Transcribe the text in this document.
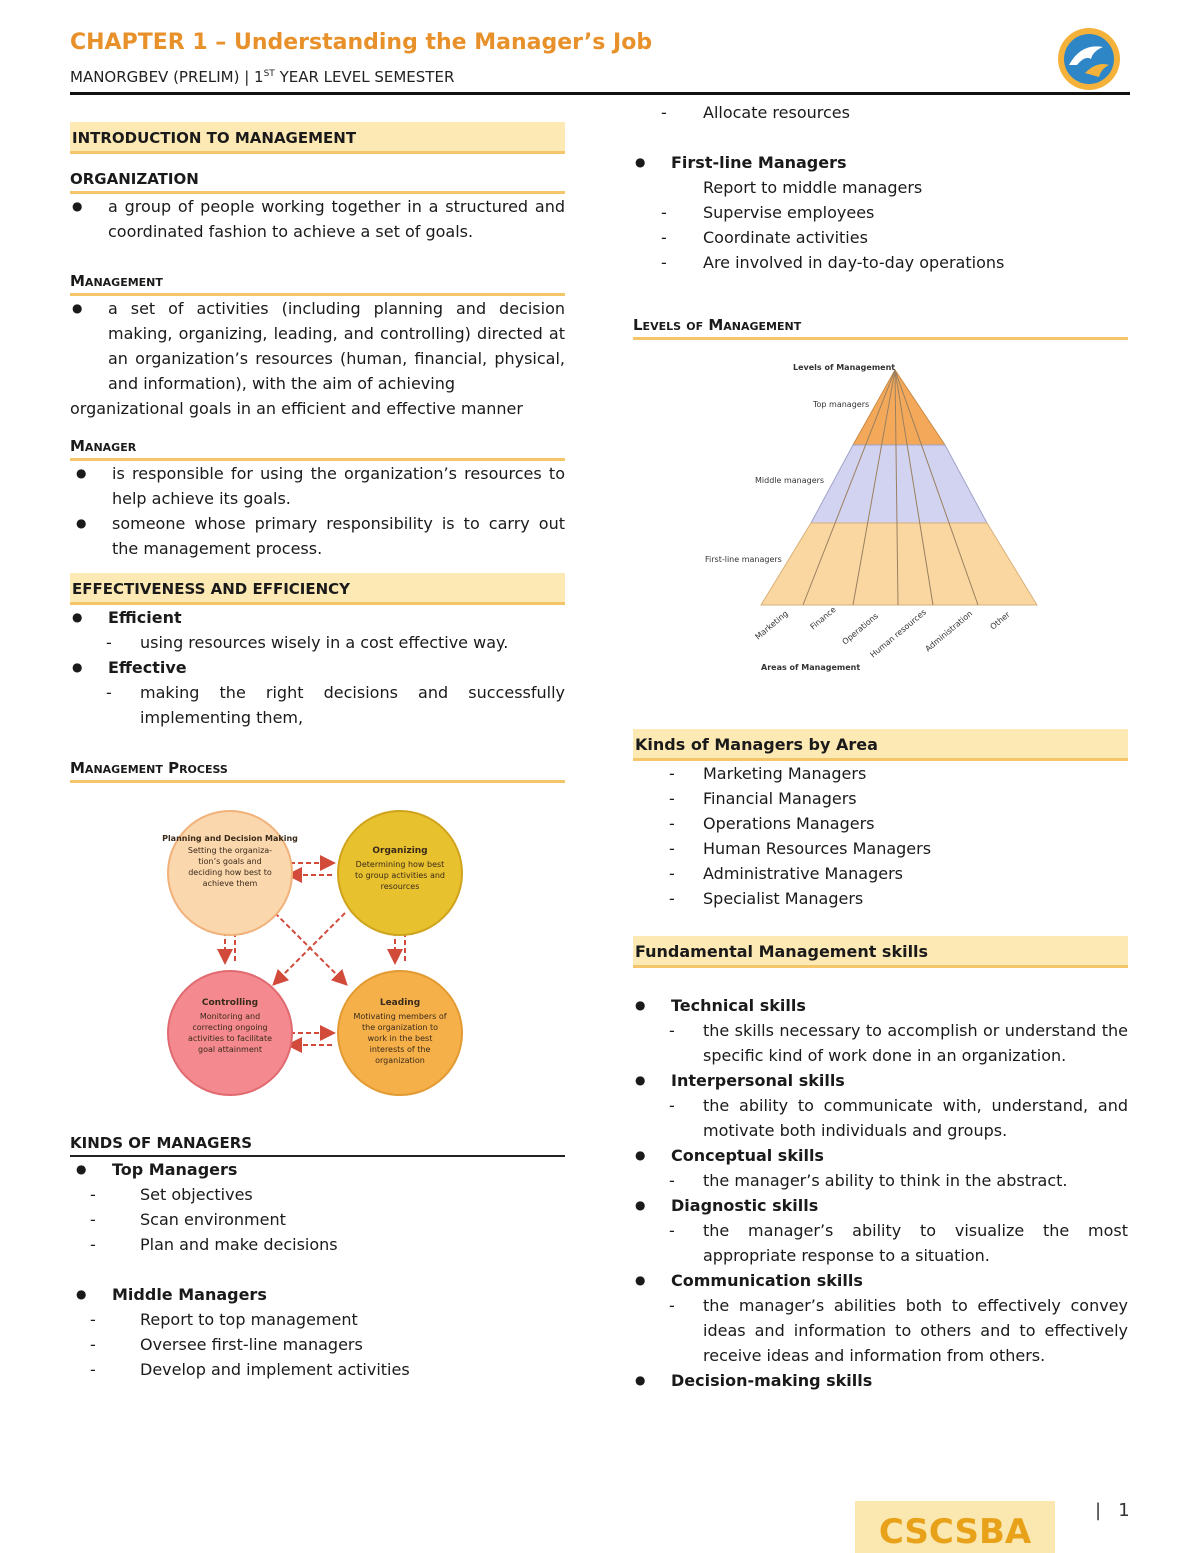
CHAPTER 1 – Understanding the Manager’s Job
MANORGBEV (PRELIM) | 1ST YEAR LEVEL SEMESTER
INTRODUCTION TO MANAGEMENT
ORGANIZATION
●	a group of people working together in a structured and coordinated fashion to achieve a set of goals.
Management
●	a set of activities (including planning and decision making, organizing, leading, and controlling) directed at an organization’s resources (human, financial, physical, and information), with the aim of achieving
organizational goals in an efficient and effective manner
Manager
●	is responsible for using the organization’s resources to help achieve its goals.
●	someone whose primary responsibility is to carry out the management process.
EFFECTIVENESS AND EFFICIENCY
●	Efficient
-	using resources wisely in a cost effective way.
●	Effective
-	making the right decisions and successfully implementing them,
Management Process
Planning and Decision Making
Setting the organiza- tion’s goals and deciding how best to achieve them
Organizing
Determining how best to group activities and resources
Controlling
Monitoring and correcting ongoing activities to facilitate goal attainment
Leading
Motivating members of the organization to work in the best interests of the organization
KINDS OF MANAGERS
●	Top Managers
-	Set objectives
-	Scan environment
-	Plan and make decisions
●	Middle Managers
-	Report to top management
-	Oversee first-line managers
-	Develop and implement activities
-	Allocate resources
●	First-line Managers
Report to middle managers
-	Supervise employees
-	Coordinate activities
-	Are involved in day-to-day operations
Levels of Management
Levels of Management
Top managers
Middle managers
First-line managers
Marketing Finance Operations
Human resources
Administration Other
Areas of Management
Kinds of Managers by Area
-	Marketing Managers
-	Financial Managers
-	Operations Managers
-	Human Resources Managers
-	Administrative Managers
-	Specialist Managers
Fundamental Management skills
●	Technical skills
-	the skills necessary to accomplish or understand the specific kind of work done in an organization.
●	Interpersonal skills
-	the ability to communicate with, understand, and motivate both individuals and groups.
●	Conceptual skills
-	the manager’s ability to think in the abstract.
●	Diagnostic skills
-	the manager’s ability to visualize the most appropriate response to a situation.
●	Communication skills
-	the manager’s abilities both to effectively convey ideas and information to others and to effectively receive ideas and information from others.
●	Decision-making skills
CSCSBA
| 1
